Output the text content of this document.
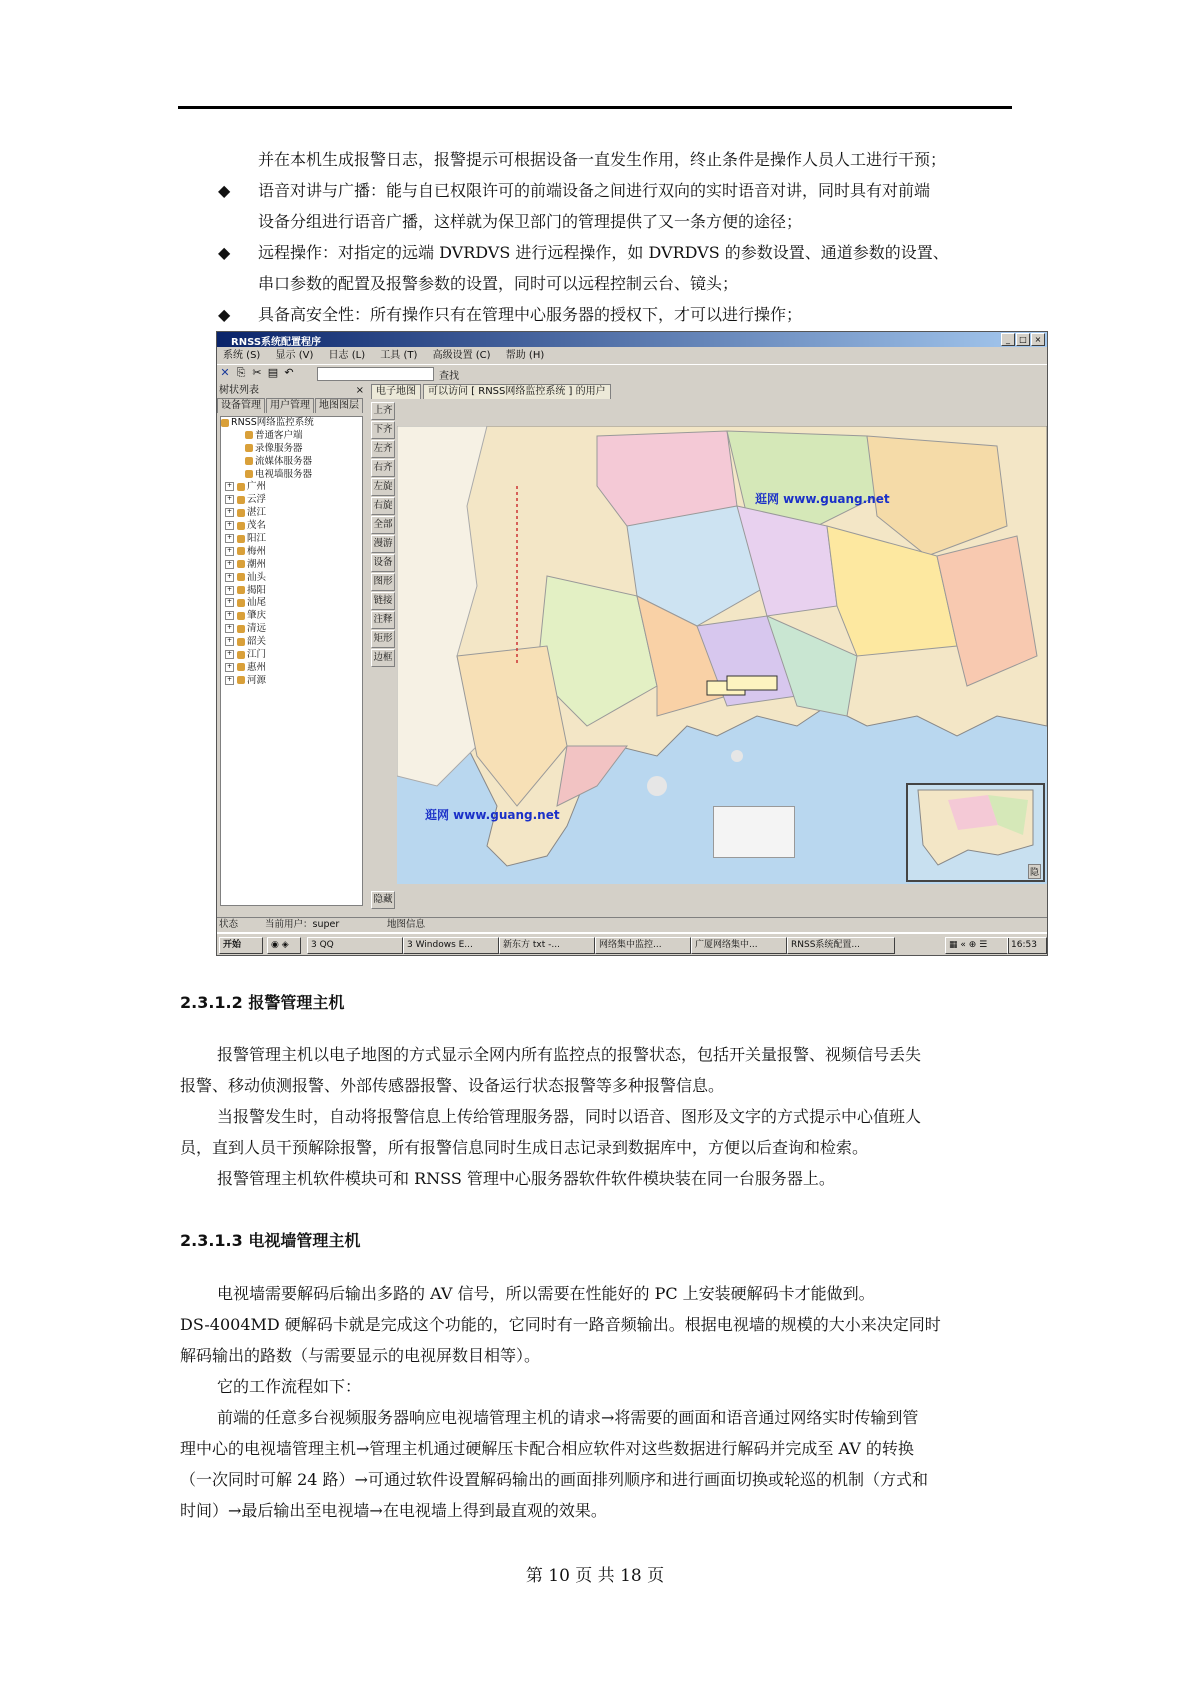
并在本机生成报警日志，报警提示可根据设备一直发生作用，终止条件是操作人员人工进行干预；
◆ 语音对讲与广播：能与自已权限许可的前端设备之间进行双向的实时语音对讲，同时具有对前端
设备分组进行语音广播，这样就为保卫部门的管理提供了又一条方便的途径；
◆ 远程操作：对指定的远端 DVRDVS 进行远程操作，如 DVRDVS 的参数设置、通道参数的设置、
串口参数的配置及报警参数的设置，同时可以远程控制云台、镜头；
◆ 具备高安全性：所有操作只有在管理中心服务器的授权下，才可以进行操作；
RNSS系统配置程序	_ □ ×
系统 (S) 显示 (V) 日志 (L) 工具 (T) 高级设置 (C) 帮助 (H)
✕ ⎘ ✂ ▤ ↶	查找
树状列表	×
设备管理 用户管理 地图图层
RNSS网络监控系统
普通客户端
录像服务器
流媒体服务器
电视墙服务器
+ 广州
+ 云浮
+ 湛江
+ 茂名
+ 阳江
+ 梅州
+ 潮州
+ 汕头
+ 揭阳
+ 汕尾
+ 肇庆
+ 清远
+ 韶关
+ 江门
+ 惠州
+ 河源
电子地图 可以访问 [ RNSS网络监控系统 ] 的用户
上齐
下齐
左齐
右齐
左旋
右旋
全部
漫游
设备
图形
链接
注释
矩形
边框
隐藏
逛网 www.guang.net
逛网 www.guang.net
隐
状态	当前用户：super	地图信息
开始	◉ ◈	3 QQ	3 Windows E...	新东方 txt -...	网络集中监控...	广厦网络集中...	RNSS系统配置...	▦ « ⊕ ☰	16:53
2.3.1.2 报警管理主机
报警管理主机以电子地图的方式显示全网内所有监控点的报警状态，包括开关量报警、视频信号丢失
报警、移动侦测报警、外部传感器报警、设备运行状态报警等多种报警信息。
当报警发生时，自动将报警信息上传给管理服务器，同时以语音、图形及文字的方式提示中心值班人
员，直到人员干预解除报警，所有报警信息同时生成日志记录到数据库中，方便以后查询和检索。
报警管理主机软件模块可和 RNSS 管理中心服务器软件软件模块装在同一台服务器上。
2.3.1.3 电视墙管理主机
电视墙需要解码后输出多路的 AV 信号，所以需要在性能好的 PC 上安装硬解码卡才能做到。
DS-4004MD 硬解码卡就是完成这个功能的，它同时有一路音频输出。根据电视墙的规模的大小来决定同时
解码输出的路数（与需要显示的电视屏数目相等）。
它的工作流程如下：
前端的任意多台视频服务器响应电视墙管理主机的请求→将需要的画面和语音通过网络实时传输到管
理中心的电视墙管理主机→管理主机通过硬解压卡配合相应软件对这些数据进行解码并完成至 AV 的转换
（一次同时可解 24 路）→可通过软件设置解码输出的画面排列顺序和进行画面切换或轮巡的机制（方式和
时间）→最后输出至电视墙→在电视墙上得到最直观的效果。
第 10 页 共 18 页
